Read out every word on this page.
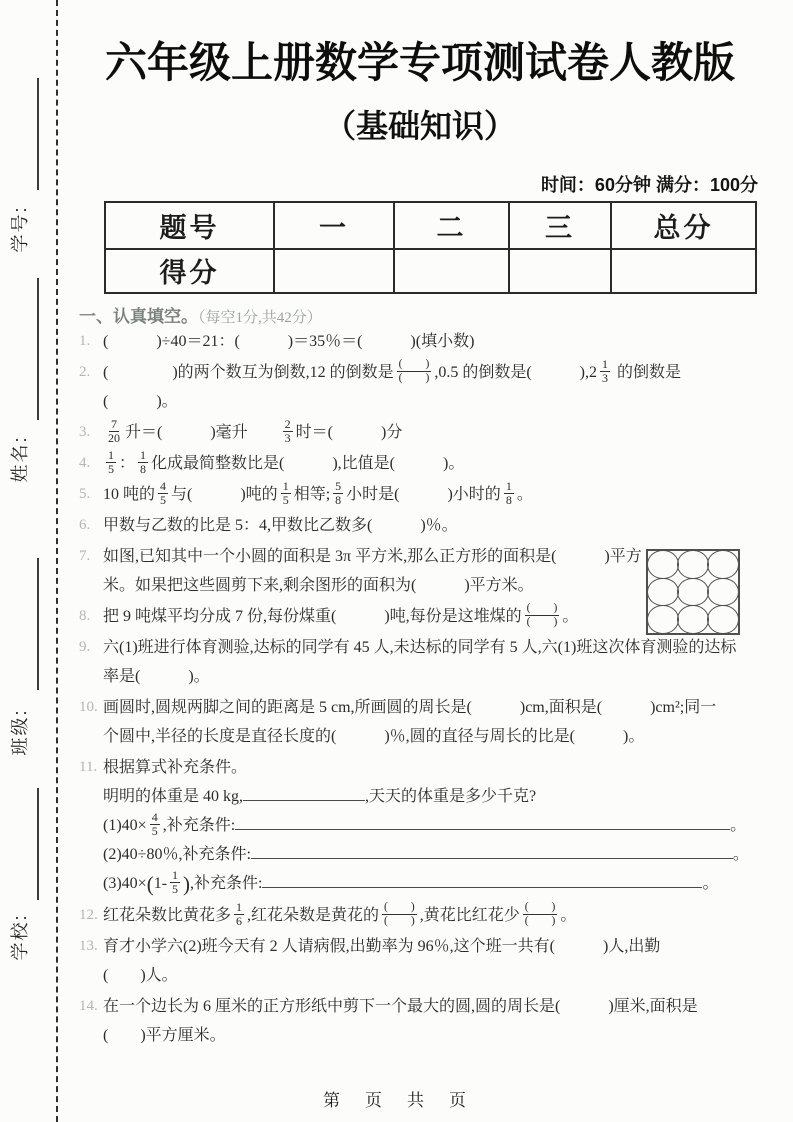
学号:
姓名:
班级:
学校:
六年级上册数学专项测试卷人教版
（基础知识）
时间：60分钟 满分：100分
题号	一	二	三	总分
得分
一、认真填空。（每空1分,共42分）
1. (　　　)÷40＝21：(　　　)＝35％＝(　　　)(填小数)
2. (　　　　)的两个数互为倒数,12 的倒数是 (　　)
(　　) ,0.5 的倒数是(　　　)$,2 \frac{1}{3}$ 的倒数是
(　　　)。
3.	$\frac{7}{20}$ 升＝(　　　)毫升　　 $\frac{2}{3}$ 时＝(　　　)分
4.	$\frac{1}{5}$ ： $\frac{1}{8}$ 化成最简整数比是(　　　),比值是(　　　)。
5. 10 吨的 $\frac{4}{5}$ 与(　　　)吨的 $\frac{1}{5}$ 相等; $\frac{5}{8}$ 小时是(　　　)小时的 $\frac{1}{8}$ 。
6. 甲数与乙数的比是 5：4,甲数比乙数多(　　　)％。
7. 如图,已知其中一个小圆的面积是 3π 平方米,那么正方形的面积是(　　　)平方
米。如果把这些圆剪下来,剩余图形的面积为(　　　)平方米。
8. 把 9 吨煤平均分成 7 份,每份煤重(　　　)吨,每份是这堆煤的 (　　)
(　　) 。
9. 六(1)班进行体育测验,达标的同学有 45 人,未达标的同学有 5 人,六(1)班这次体育测验的达标
率是(　　　)。
10. 画圆时,圆规两脚之间的距离是 5 cm,所画圆的周长是(　　　)cm,面积是(　　　)cm²;同一
个圆中,半径的长度是直径长度的(　　　)％,圆的直径与周长的比是(　　　)。
11. 根据算式补充条件。
明明的体重是 40 kg,	,天天的体重是多少千克?
$(1)40\times \frac{4}{5}$ ,补充条件:	。
(2)40÷80％,补充条件:	。
$(3)40\times(1- \frac{1}{5}$ ),补充条件:	。
12. 红花朵数比黄花多 $\frac{1}{6}$ ,红花朵数是黄花的 (　　)
(　　) ,黄花比红花少 (　　)
(　　) 。
13. 育才小学六(2)班今天有 2 人请病假,出勤率为 96％,这个班一共有(　　　)人,出勤
(　　)人。
14. 在一个边长为 6 厘米的正方形纸中剪下一个最大的圆,圆的周长是(　　　)厘米,面积是
(　　)平方厘米。
第　页　共　页
